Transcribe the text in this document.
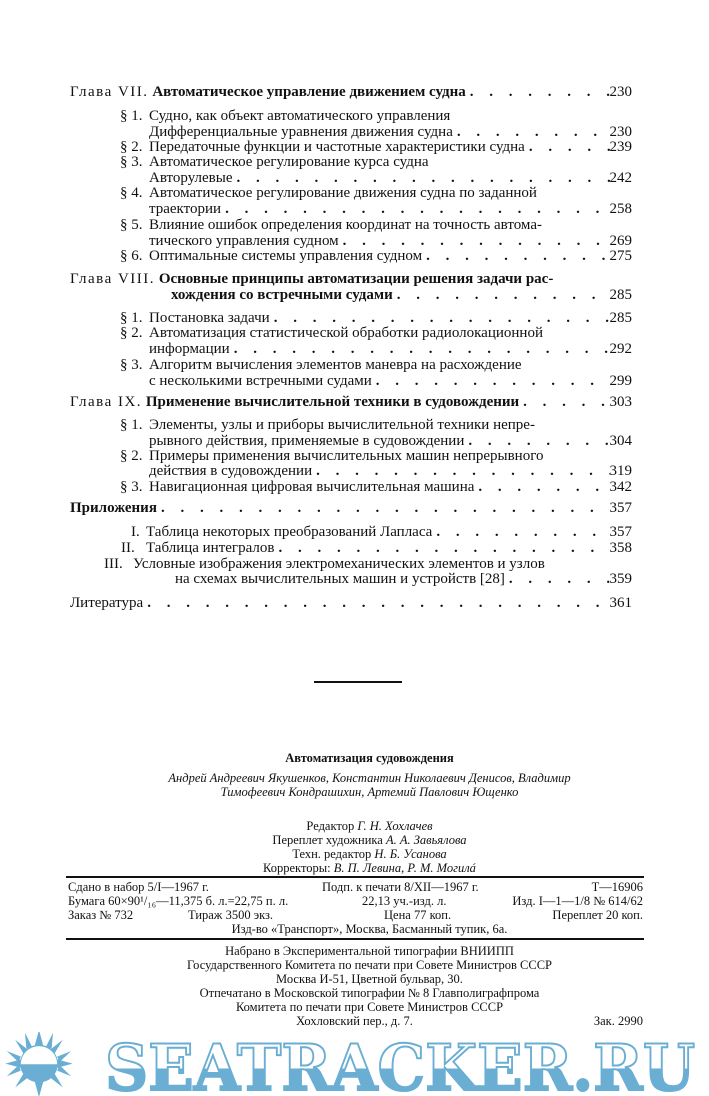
Глава VII. Автоматическое управление движением судна . . .	230
§ 1. Судно, как объект автоматического управления
Дифференциальные уравнения движения судна . . .	230
§ 2. Передаточные функции и частотные характеристики судна . . .	239
§ 3. Автоматическое регулирование курса судна
Авторулевые . . .	242
§ 4. Автоматическое регулирование движения судна по заданной
траектории . . .	258
§ 5. Влияние ошибок определения координат на точность автома-
тического управления судном . . .	269
§ 6. Оптимальные системы управления судном . . .	275
Глава VIII. Основные принципы автоматизации решения задачи рас-
хождения со встречными судами . . .	285
§ 1. Постановка задачи . . .	285
§ 2. Автоматизация статистической обработки радиолокационной
информации . . .	292
§ 3. Алгоритм вычисления элементов маневра на расхождение
с несколькими встречными судами . . .	299
Глава IX. Применение вычислительной техники в судовождении . . .	303
§ 1. Элементы, узлы и приборы вычислительной техники непре-
рывного действия, применяемые в судовождении . . .	304
§ 2. Примеры применения вычислительных машин непрерывного
действия в судовождении . . .	319
§ 3. Навигационная цифровая вычислительная машина . . .	342
Приложения . . .	357
I. Таблица некоторых преобразований Лапласа . . .	357
II. Таблица интегралов . . .	358
III. Условные изображения электромеханических элементов и узлов
на схемах вычислительных машин и устройств [28] . . .	359
Литература . . .	361
Автоматизация судовождения
Андрей Андреевич Якушенков, Константин Николаевич Денисов, Владимир
Тимофеевич Кондрашихин, Артемий Павлович Ющенко
Редактор Г. Н. Хохлачев
Переплет художника А. А. Завьялова
Техн. редактор Н. Б. Усанова
Корректоры: В. П. Левина, Р. М. Могилá
Сдано в набор 5/I—1967 г.	Подп. к печати 8/XII—1967 г.	Т—16906
Бумага 60×90¹/₁₆—11,375 б. л.=22,75 п. л.	22,13 уч.-изд. л.	Изд. I—1—1/8 № 614/62
Заказ № 732	Тираж 3500 экз.	Цена 77 коп.	Переплет 20 коп.
Изд-во «Транспорт», Москва, Басманный тупик, 6а.
Набрано в Экспериментальной типографии ВНИИПП
Государственного Комитета по печати при Совете Министров СССР
Москва И-51, Цветной бульвар, 30.
Отпечатано в Московской типографии № 8 Главполиграфпрома
Комитета по печати при Совете Министров СССР
Хохловский пер., д. 7.	Зак. 2990
SEATRACKER.RU
